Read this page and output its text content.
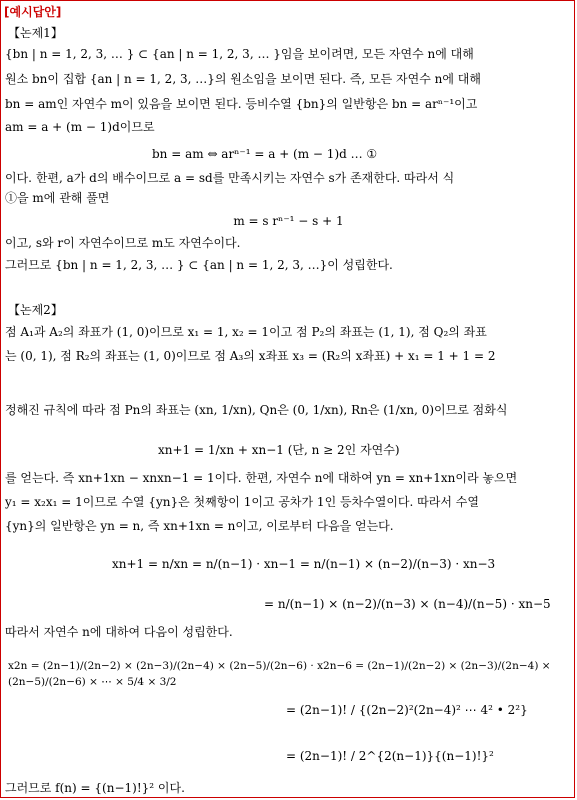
[예시답안]
【논제1】
{bn | n = 1, 2, 3, … } ⊂ {an | n = 1, 2, 3, … }임을 보이려면, 모든 자연수 n에 대해
원소 bn이 집합 {an | n = 1, 2, 3, …}의 원소임을 보이면 된다. 즉, 모든 자연수 n에 대해
bn = am인 자연수 m이 있음을 보이면 된다. 등비수열 {bn}의 일반항은 bn = arⁿ⁻¹이고
am = a + (m − 1)d이므로
bn = am ⇔ arⁿ⁻¹ = a + (m − 1)d … ①
이다. 한편, a가 d의 배수이므로 a = sd를 만족시키는 자연수 s가 존재한다. 따라서 식
①을 m에 관해 풀면
m = s rⁿ⁻¹ − s + 1
이고, s와 r이 자연수이므로 m도 자연수이다.
그러므로 {bn | n = 1, 2, 3, … } ⊂ {an | n = 1, 2, 3, …}이 성립한다.
【논제2】
점 A₁과 A₂의 좌표가 (1, 0)이므로 x₁ = 1, x₂ = 1이고 점 P₂의 좌표는 (1, 1), 점 Q₂의 좌표
는 (0, 1), 점 R₂의 좌표는 (1, 0)이므로 점 A₃의 x좌표 x₃ = (R₂의 x좌표) + x₁ = 1 + 1 = 2
정해진 규칙에 따라 점 Pn의 좌표는 (xn, 1/xn), Qn은 (0, 1/xn), Rn은 (1/xn, 0)이므로 점화식
xn+1 = 1/xn + xn−1 (단, n ≥ 2인 자연수)
를 얻는다. 즉 xn+1xn − xnxn−1 = 1이다. 한편, 자연수 n에 대하여 yn = xn+1xn이라 놓으면
y₁ = x₂x₁ = 1이므로 수열 {yn}은 첫째항이 1이고 공차가 1인 등차수열이다. 따라서 수열
{yn}의 일반항은 yn = n, 즉 xn+1xn = n이고, 이로부터 다음을 얻는다.
xn+1 = n/xn = n/(n−1) · xn−1 = n/(n−1) × (n−2)/(n−3) · xn−3
= n/(n−1) × (n−2)/(n−3) × (n−4)/(n−5) · xn−5
따라서 자연수 n에 대하여 다음이 성립한다.
x2n = (2n−1)/(2n−2) × (2n−3)/(2n−4) × (2n−5)/(2n−6) · x2n−6 = (2n−1)/(2n−2) × (2n−3)/(2n−4) × (2n−5)/(2n−6) × ⋯ × 5/4 × 3/2
= (2n−1)! / {(2n−2)²(2n−4)² ⋯ 4² • 2²}
= (2n−1)! / 2^{2(n−1)}{(n−1)!}²
그러므로 f(n) = {(n−1)!}² 이다.
